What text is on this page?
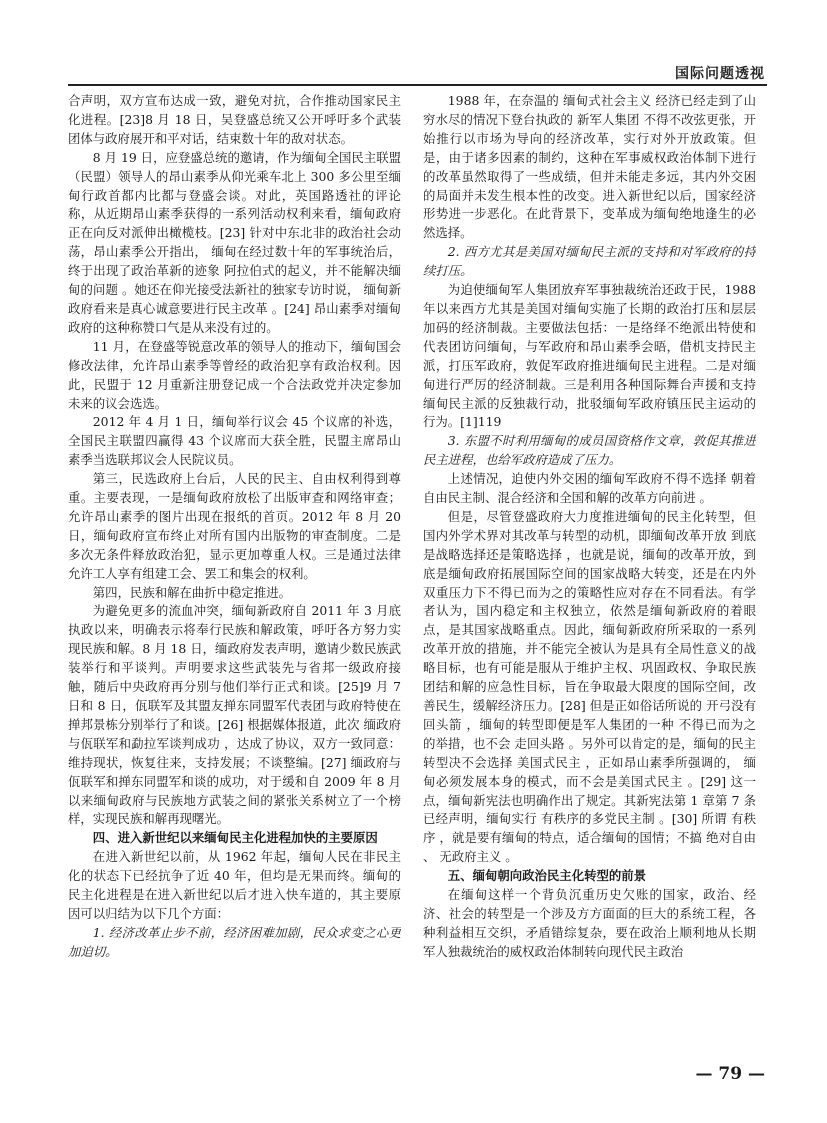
国际问题透视

合声明，双方宣布达成一致，避免对抗，合作推动国家民主化进程。[23]8 月 18 日，吴登盛总统又公开呼吁多个武装团体与政府展开和平对话，结束数十年的敌对状态。

8 月 19 日，应登盛总统的邀请，作为缅甸全国民主联盟（民盟）领导人的昂山素季从仰光乘车北上 300 多公里至缅甸行政首都内比都与登盛会谈。对此，英国路透社的评论称，从近期昂山素季获得的一系列活动权利来看，缅甸政府正在向反对派伸出橄榄枝。[23] 针对中东北非的政治社会动荡，昂山素季公开指出， 缅甸在经过数十年的军事统治后，终于出现了政治革新的迹象 阿拉伯式的起义，并不能解决缅甸的问题 。她还在仰光接受法新社的独家专访时说， 缅甸新政府看来是真心诚意要进行民主改革 。[24] 昂山素季对缅甸政府的这种称赞口气是从来没有过的。

11 月，在登盛等锐意改革的领导人的推动下，缅甸国会修改法律，允许昂山素季等曾经的政治犯享有政治权利。因此，民盟于 12 月重新注册登记成一个合法政党并决定参加未来的议会选选。

2012 年 4 月 1 日，缅甸举行议会 45 个议席的补选，全国民主联盟四赢得 43 个议席而大获全胜，民盟主席昂山素季当选联邦议会人民院议员。

第三，民选政府上台后，人民的民主、自由权利得到尊重。主要表现，一是缅甸政府放松了出版审查和网络审查；允许昂山素季的图片出现在报纸的首页。2012 年 8 月 20 日，缅甸政府宣布终止对所有国内出版物的审查制度。二是多次无条件释放政治犯，显示更加尊重人权。三是通过法律允许工人享有组建工会、罢工和集会的权利。

第四，民族和解在曲折中稳定推进。

为避免更多的流血冲突，缅甸新政府自 2011 年 3 月底执政以来，明确表示将奉行民族和解政策，呼吁各方努力实现民族和解。8 月 18 日，缅政府发表声明，邀请少数民族武装举行和平谈判。声明要求这些武装先与省邦一级政府接触，随后中央政府再分别与他们举行正式和谈。[25]9 月 7 日和 8 日，佤联军及其盟友掸东同盟军代表团与政府特使在掸邦景栋分别举行了和谈。[26] 根据媒体报道，此次 缅政府与佤联军和勐拉军谈判成功 ，达成了协议，双方一致同意：维持现状，恢复往来，支持发展；不谈整编。[27] 缅政府与佤联军和掸东同盟军和谈的成功，对于缓和自 2009 年 8 月以来缅甸政府与民族地方武装之间的紧张关系树立了一个榜样，实现民族和解再现曙光。

四、进入新世纪以来缅甸民主化进程加快的主要原因

在进入新世纪以前，从 1962 年起，缅甸人民在非民主化的状态下已经抗争了近 40 年，但均是无果而终。缅甸的民主化进程是在进入新世纪以后才进入快车道的，其主要原因可以归结为以下几个方面：

1. 经济改革止步不前，经济困难加剧，民众求变之心更加迫切。

1988 年，在奈温的 缅甸式社会主义 经济已经走到了山穷水尽的情况下登台执政的 新军人集团 不得不改弦更张，开始推行以市场为导向的经济改革，实行对外开放政策。但是，由于诸多因素的制约，这种在军事威权政治体制下进行的改革虽然取得了一些成绩，但并未能走多远，其内外交困的局面并未发生根本性的改变。进入新世纪以后，国家经济形势进一步恶化。在此背景下，变革成为缅甸绝地逢生的必然选择。

2. 西方尤其是美国对缅甸民主派的支持和对军政府的持续打压。

为迫使缅甸军人集团放弃军事独裁统治还政于民，1988 年以来西方尤其是美国对缅甸实施了长期的政治打压和层层加码的经济制裁。主要做法包括：一是络绎不绝派出特使和代表团访问缅甸，与军政府和昂山素季会晤，借机支持民主派，打压军政府，敦促军政府推进缅甸民主进程。二是对缅甸进行严厉的经济制裁。三是利用各种国际舞台声援和支持缅甸民主派的反独裁行动，批驳缅甸军政府镇压民主运动的行为。[1]119

3. 东盟不时利用缅甸的成员国资格作文章，敦促其推进民主进程，也给军政府造成了压力。

上述情况，迫使内外交困的缅甸军政府不得不选择 朝着自由民主制、混合经济和全国和解的改革方向前进 。

但是，尽管登盛政府大力度推进缅甸的民主化转型，但国内外学术界对其改革与转型的动机，即缅甸改革开放 到底是战略选择还是策略选择 ，也就是说，缅甸的改革开放，到底是缅甸政府拓展国际空间的国家战略大转变，还是在内外双重压力下不得已而为之的策略性应对存在不同看法。有学者认为，国内稳定和主权独立，依然是缅甸新政府的着眼点，是其国家战略重点。因此，缅甸新政府所采取的一系列改革开放的措施，并不能完全被认为是具有全局性意义的战略目标，也有可能是服从于维护主权、巩固政权、争取民族团结和解的应急性目标，旨在争取最大限度的国际空间，改善民生，缓解经济压力。[28] 但是正如俗话所说的 开弓没有回头箭 ，缅甸的转型即便是军人集团的一种 不得已而为之 的举措，也不会 走回头路 。另外可以肯定的是，缅甸的民主转型决不会选择 美国式民主 ，正如昂山素季所强调的， 缅甸必须发展本身的模式，而不会是美国式民主 。[29] 这一点，缅甸新宪法也明确作出了规定。其新宪法第 1 章第 7 条已经声明，缅甸实行 有秩序的多党民主制 。[30] 所谓 有秩序 ，就是要有缅甸的特点，适合缅甸的国情；不搞 绝对自由 、 无政府主义 。

五、缅甸朝向政治民主化转型的前景

在缅甸这样一个背负沉重历史欠账的国家，政治、经济、社会的转型是一个涉及方方面面的巨大的系统工程，各种利益相互交织，矛盾错综复杂，要在政治上顺利地从长期军人独裁统治的威权政治体制转向现代民主政治

— 79 —
